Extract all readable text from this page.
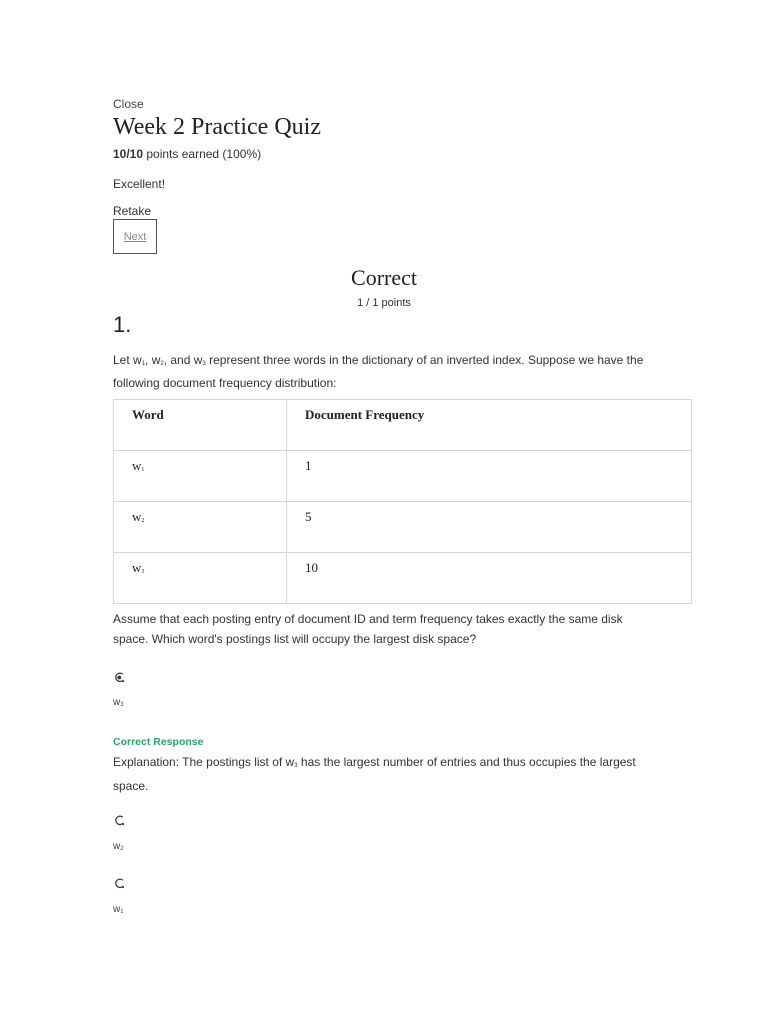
Close
Week 2 Practice Quiz
10/10 points earned (100%)
Excellent!
Retake
Next
Correct
1 / 1 points
1.
Let w1, w2, and w3 represent three words in the dictionary of an inverted index. Suppose we have the following document frequency distribution:
Word	Document Frequency
w1	1
w2	5
w3	10
Assume that each posting entry of document ID and term frequency takes exactly the same disk space. Which word's postings list will occupy the largest disk space?
w3
Correct Response
Explanation: The postings list of w3 has the largest number of entries and thus occupies the largest space.
w2
w1
